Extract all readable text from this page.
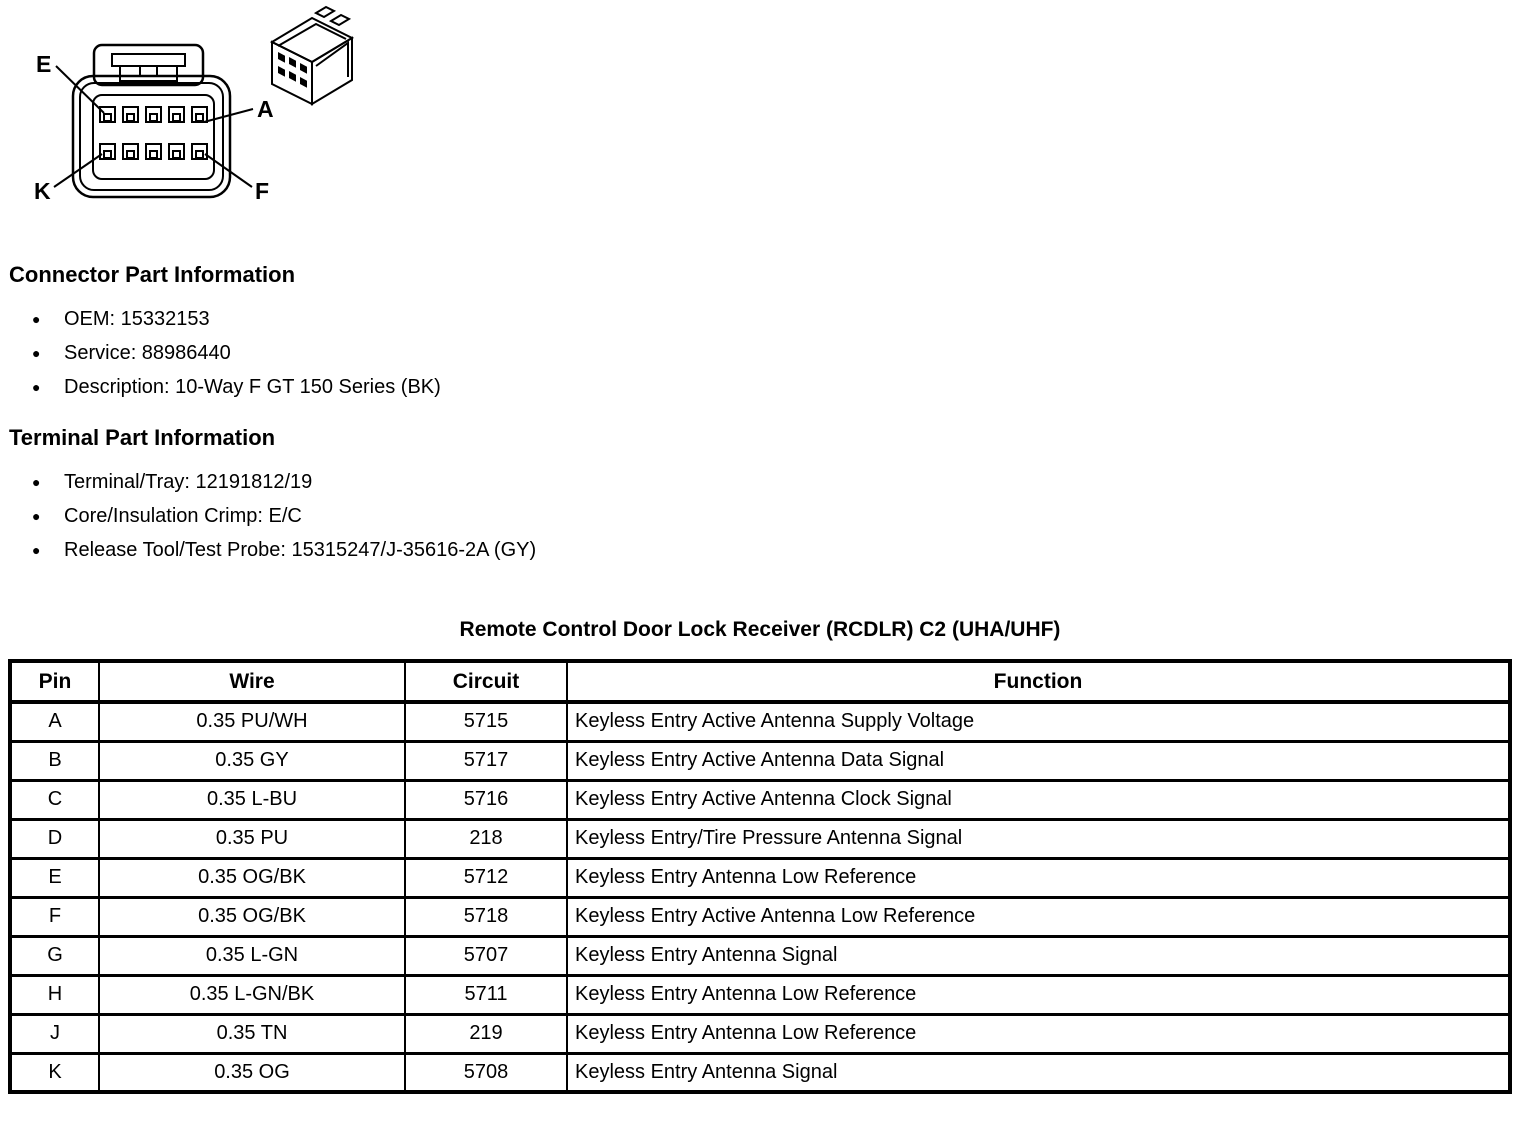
E
A
K	F
Connector Part Information
● OEM: 15332153
● Service: 88986440
● Description: 10-Way F GT 150 Series (BK)
Terminal Part Information
● Terminal/Tray: 12191812/19
● Core/Insulation Crimp: E/C
● Release Tool/Test Probe: 15315247/J-35616-2A (GY)
Remote Control Door Lock Receiver (RCDLR) C2 (UHA/UHF)
Pin	Wire	Circuit	Function
A	0.35 PU/WH	5715	Keyless Entry Active Antenna Supply Voltage
B	0.35 GY	5717	Keyless Entry Active Antenna Data Signal
C	0.35 L-BU	5716	Keyless Entry Active Antenna Clock Signal
D	0.35 PU	218	Keyless Entry/Tire Pressure Antenna Signal
E	0.35 OG/BK	5712	Keyless Entry Antenna Low Reference
F	0.35 OG/BK	5718	Keyless Entry Active Antenna Low Reference
G	0.35 L-GN	5707	Keyless Entry Antenna Signal
H	0.35 L-GN/BK	5711	Keyless Entry Antenna Low Reference
J	0.35 TN	219	Keyless Entry Antenna Low Reference
K	0.35 OG	5708	Keyless Entry Antenna Signal
